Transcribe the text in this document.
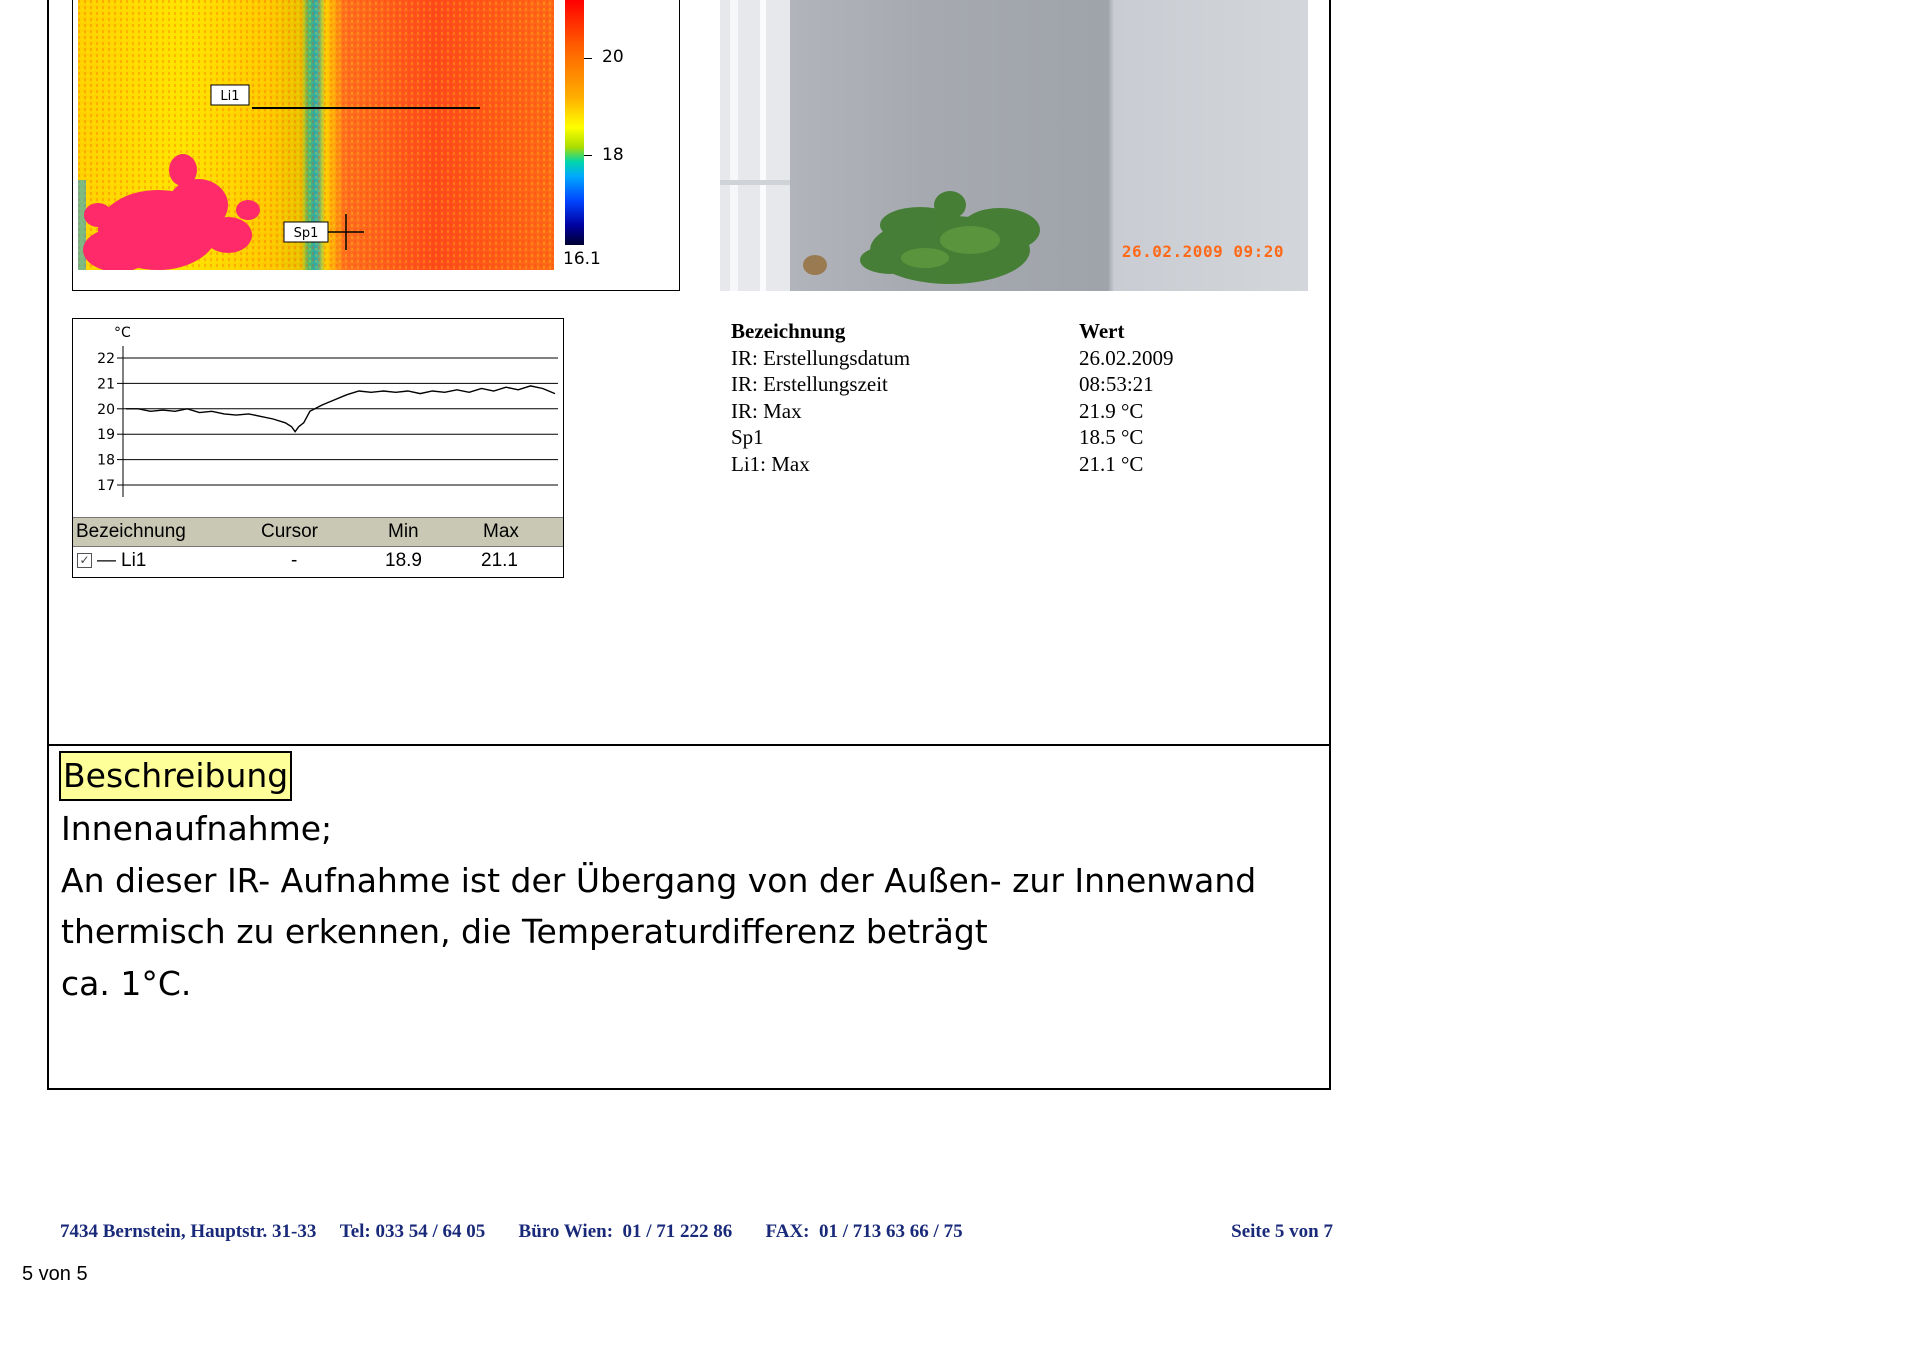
Li1
Sp1
20
18
16.1	26.02.2009 09:20
°C
22
21
20
19
18
17
Bezeichnung	Cursor	Min	Max
✓ — Li1	-	18.9	21.1
Bezeichnung	Wert
IR: Erstellungsdatum	26.02.2009
IR: Erstellungszeit	08:53:21
IR: Max	21.9 °C
Sp1	18.5 °C
Li1: Max	21.1 °C
Beschreibung
Innenaufnahme;
An dieser IR- Aufnahme ist der Übergang von der Außen- zur Innenwand
thermisch zu erkennen, die Temperaturdifferenz beträgt
ca. 1°C.
7434 Bernstein, Hauptstr. 31-33 Tel: 033 54 / 64 05 Büro Wien:  01 / 71 222 86 FAX:  01 / 713 63 66 / 75	Seite 5 von 7
5 von 5
